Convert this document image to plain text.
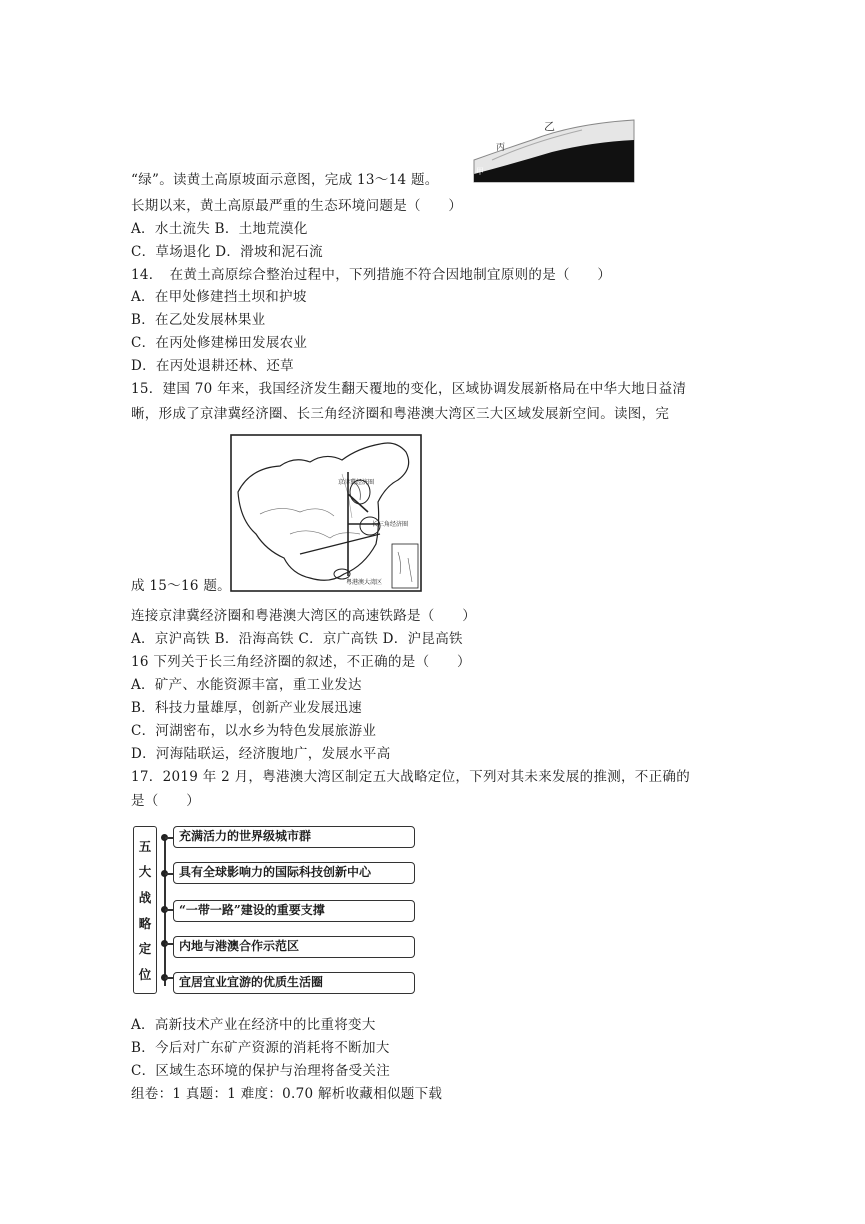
乙
丙
甲
“绿”。读黄土高原坡面示意图，完成 13～14 题。
长期以来，黄土高原最严重的生态环境问题是（　　）
A．水土流失 B．土地荒漠化
C．草场退化 D．滑坡和泥石流
14．　在黄土高原综合整治过程中，下列措施不符合因地制宜原则的是（　　）
A．在甲处修建挡土坝和护坡
B．在乙处发展林果业
C．在丙处修建梯田发展农业
D．在丙处退耕还林、还草
15．建国 70 年来，我国经济发生翻天覆地的变化，区域协调发展新格局在中华大地日益清
晰，形成了京津冀经济圈、长三角经济圈和粤港澳大湾区三大区域发展新空间。读图，完
京津冀经济圈
长三角经济圈
粤港澳大湾区
成 15～16 题。
连接京津冀经济圈和粤港澳大湾区的高速铁路是（　　）
A．京沪高铁 B．沿海高铁 C．京广高铁 D．沪昆高铁
16 下列关于长三角经济圈的叙述，不正确的是（　　）
A．矿产、水能资源丰富，重工业发达
B．科技力量雄厚，创新产业发展迅速
C．河湖密布，以水乡为特色发展旅游业
D．河海陆联运，经济腹地广，发展水平高
17．2019 年 2 月，粤港澳大湾区制定五大战略定位，下列对其未来发展的推测，不正确的
是（　　）
五
大
战
略
定
位
充满活力的世界级城市群
具有全球影响力的国际科技创新中心
“一带一路”建设的重要支撑
内地与港澳合作示范区
宜居宜业宜游的优质生活圈
A．高新技术产业在经济中的比重将变大
B．今后对广东矿产资源的消耗将不断加大
C．区域生态环境的保护与治理将备受关注
组卷：1 真题：1 难度：0.70 解析收藏相似题下载
